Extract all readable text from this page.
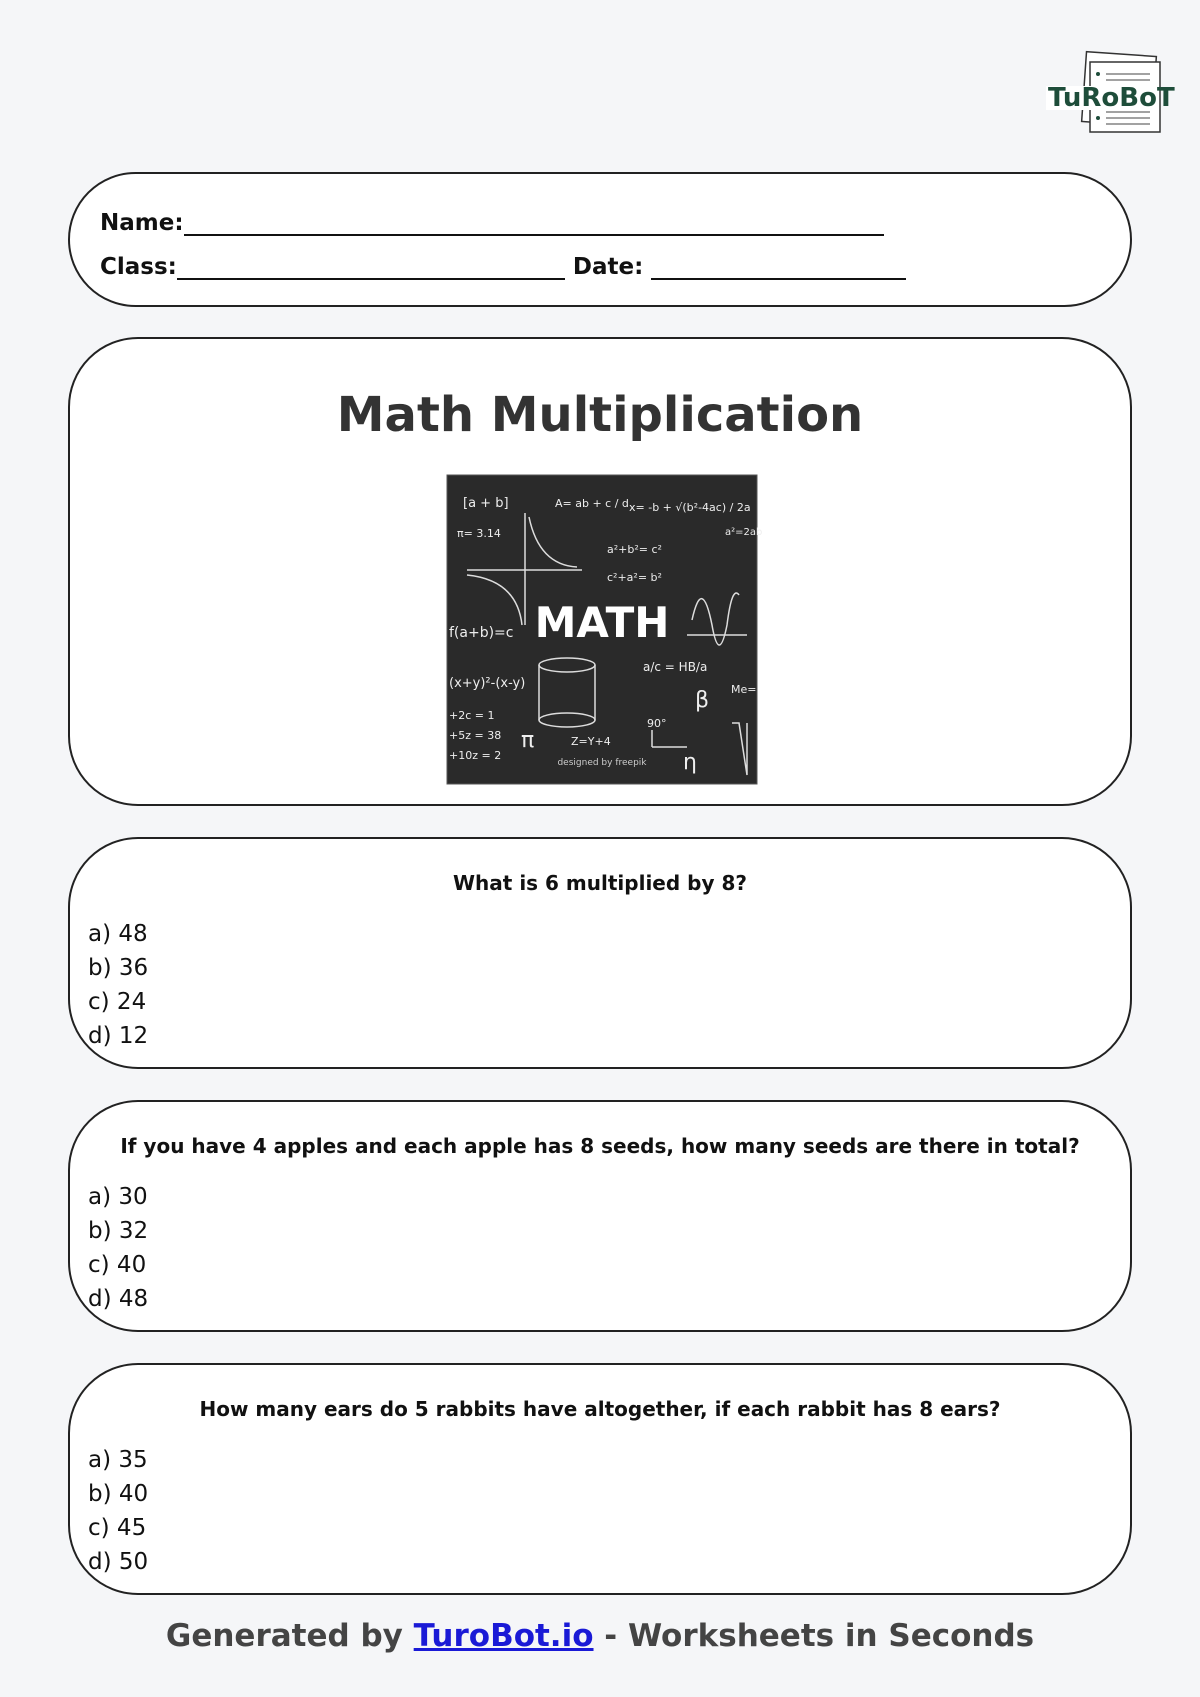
TuRoBoT
Name:
Class:	Date:
Math Multiplication
[a + b]
π= 3.14
A= ab + c / d x= -b + √(b²-4ac) / 2a
a²+b²= c²
c²+a²= b²
a²=2ab
f(a+b)=c
(x+y)²-(x-y)
a/c = HB/a
+2c = 1
+5z = 38
+10z = 2
Z=Y+4
90°
β
π
η
Me=
MATH
designed by freepik
What is 6 multiplied by 8?
a) 48
b) 36
c) 24
d) 12
If you have 4 apples and each apple has 8 seeds, how many seeds are there in total?
a) 30
b) 32
c) 40
d) 48
How many ears do 5 rabbits have altogether, if each rabbit has 8 ears?
a) 35
b) 40
c) 45
d) 50
Generated by TuroBot.io - Worksheets in Seconds
